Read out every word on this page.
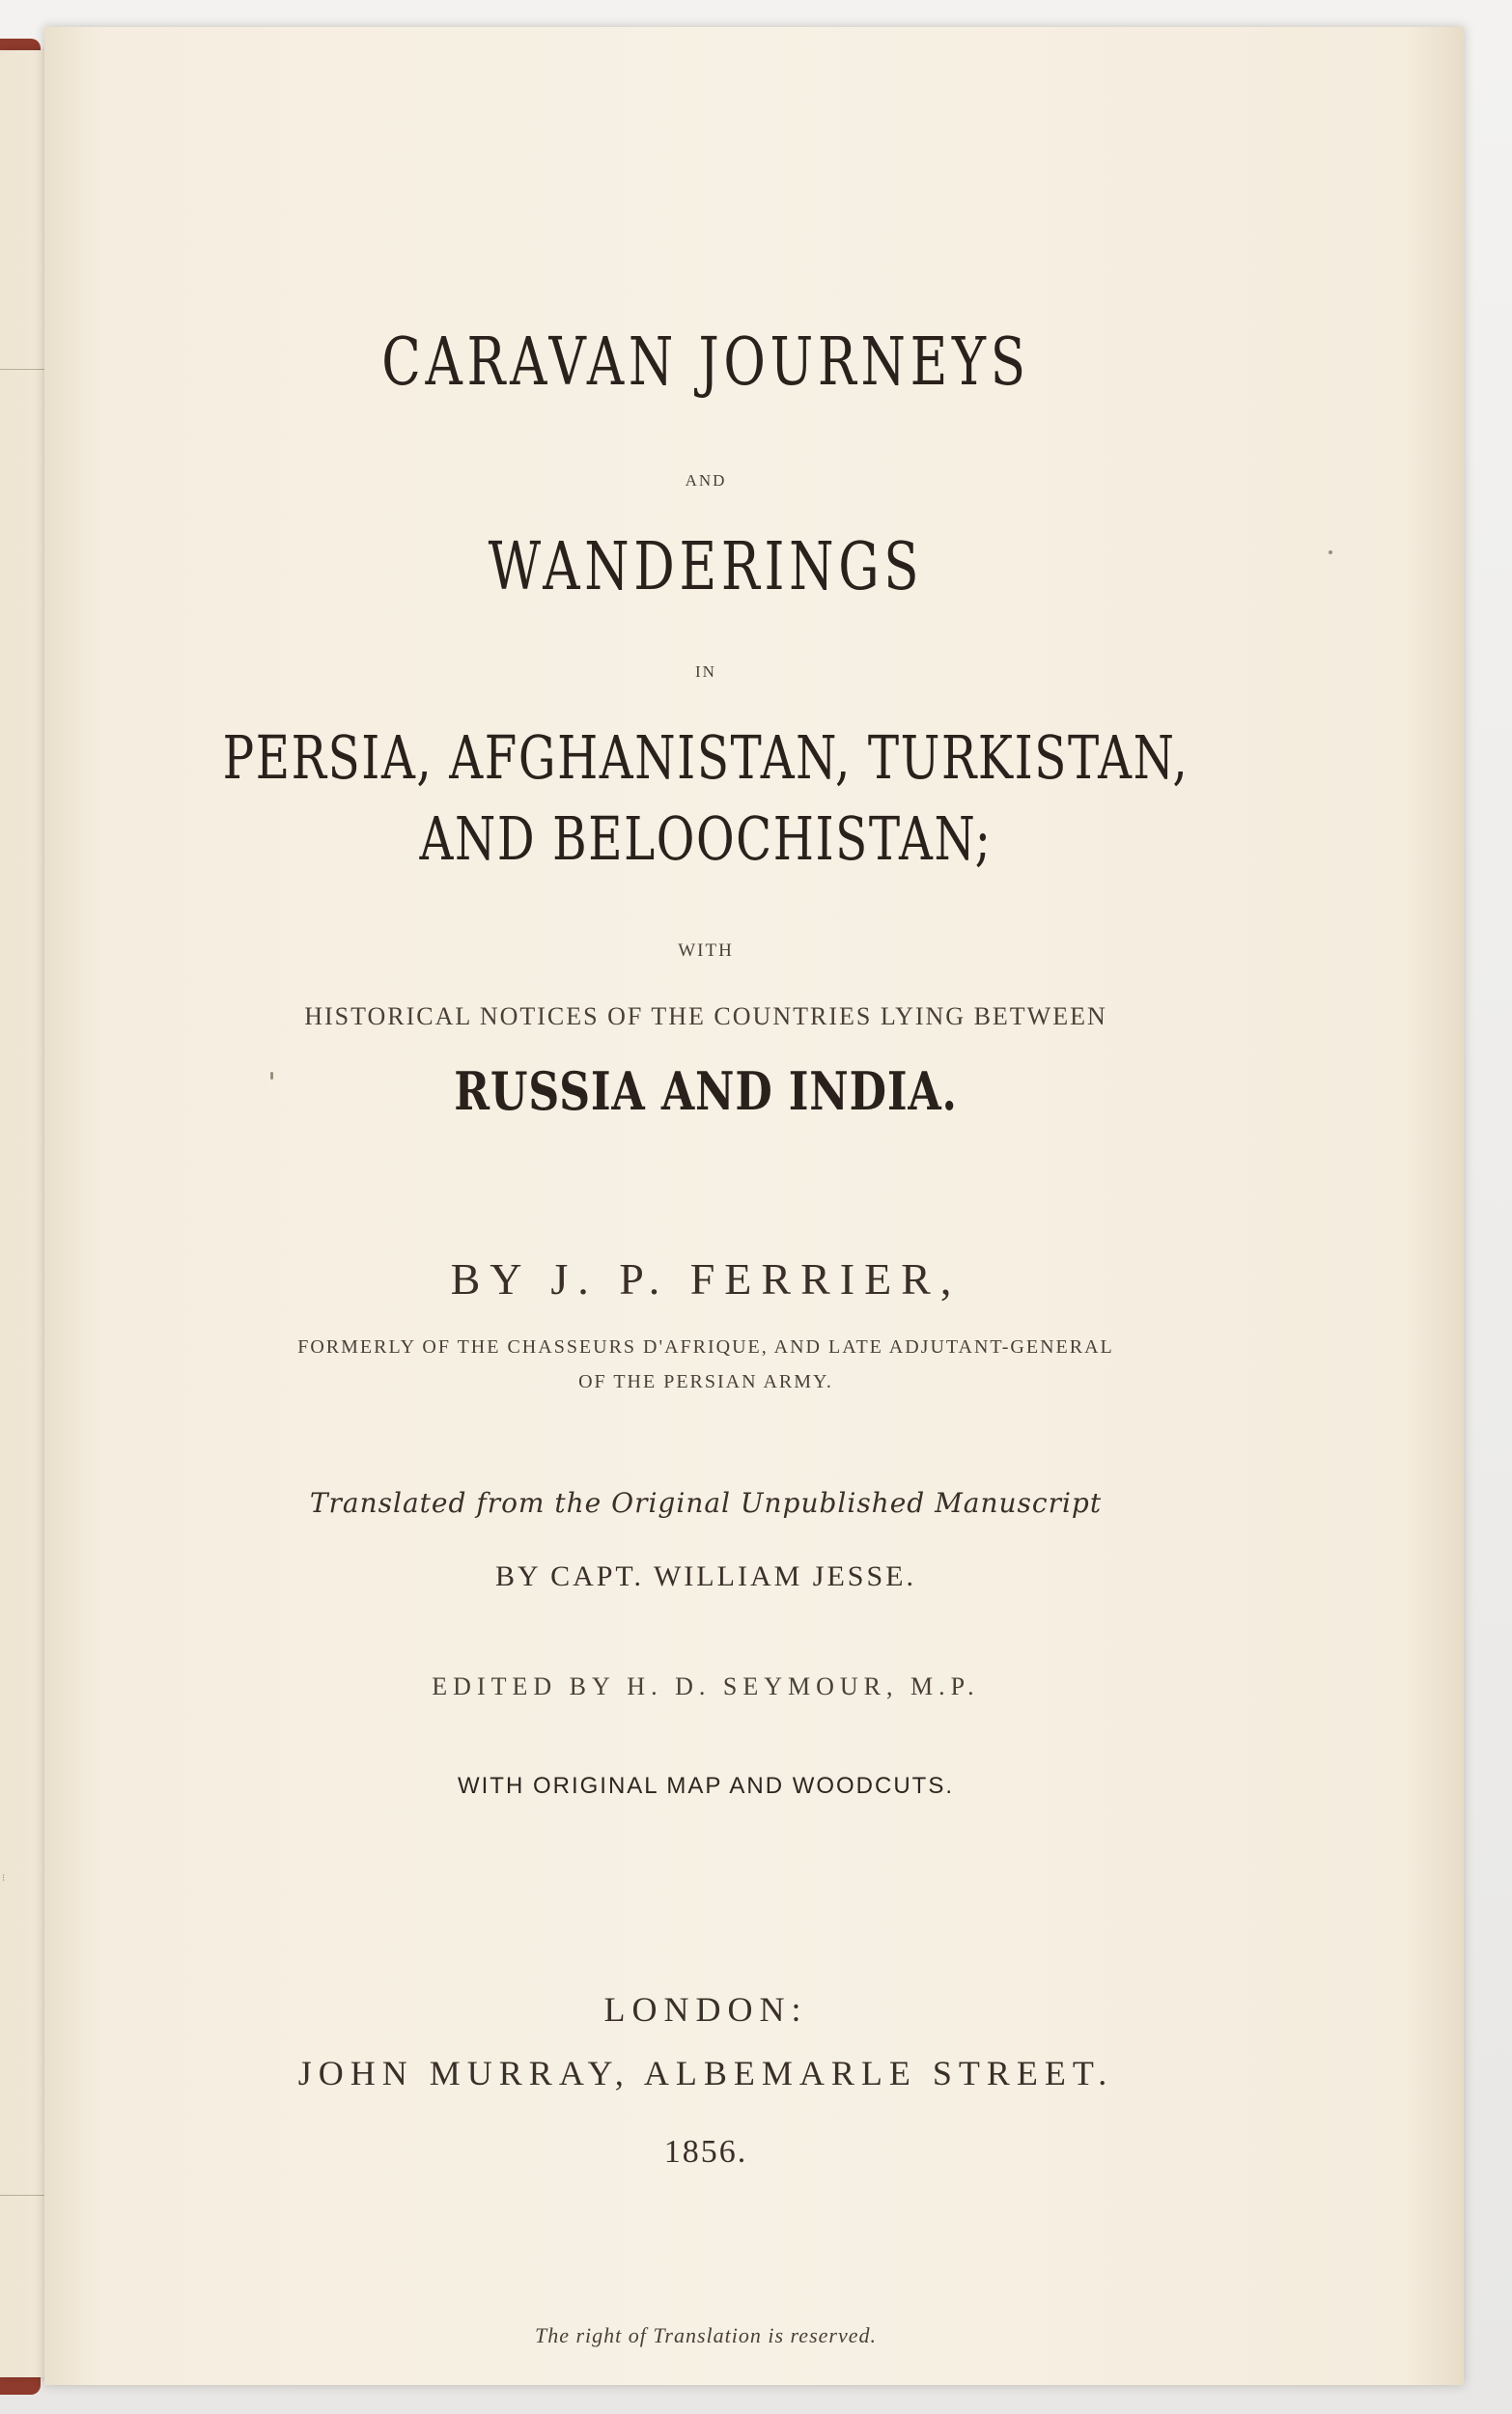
⁝

CARAVAN JOURNEYS

AND

WANDERINGS

IN

PERSIA, AFGHANISTAN, TURKISTAN,

AND BELOOCHISTAN;

WITH

HISTORICAL NOTICES OF THE COUNTRIES LYING BETWEEN

RUSSIA AND INDIA.

BY J. P. FERRIER,

FORMERLY OF THE CHASSEURS D'AFRIQUE, AND LATE ADJUTANT-GENERAL

OF THE PERSIAN ARMY.

Translated from the Original Unpublished Manuscript

BY CAPT. WILLIAM JESSE.

EDITED BY H. D. SEYMOUR, M.P.

WITH ORIGINAL MAP AND WOODCUTS.

LONDON:

JOHN MURRAY, ALBEMARLE STREET.

1856.

The right of Translation is reserved.
